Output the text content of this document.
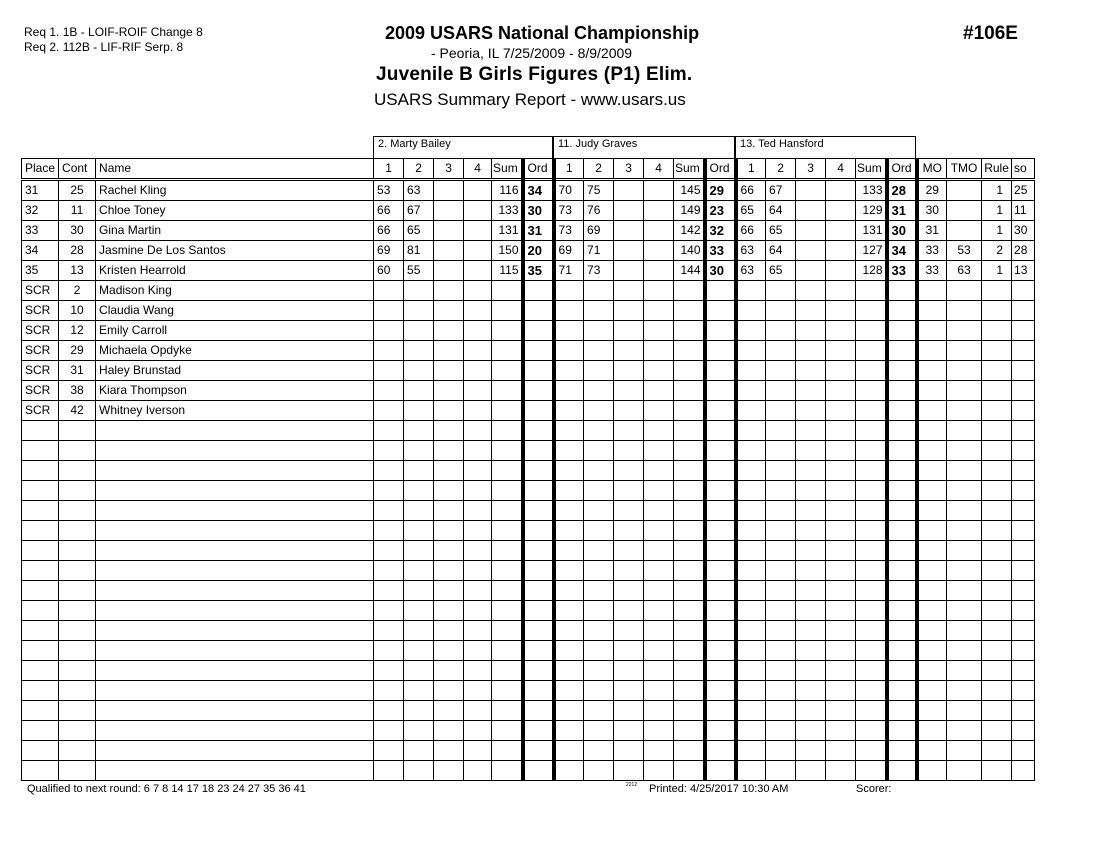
Req 1. 1B - LOIF-ROIF Change 8
Req 2. 112B - LIF-RIF Serp. 8
2009 USARS National Championship
- Peoria, IL 7/25/2009 - 8/9/2009
Juvenile B Girls Figures (P1) Elim.
USARS Summary Report - www.usars.us
#106E
2. Marty Bailey	11. Judy Graves	13. Ted Hansford
Place	Cont	Name	1	2	3	4	Sum	Ord	1	2	3	4	Sum	Ord	1	2	3	4	Sum	Ord	MO	TMO	Rule	so
31	25	Rachel Kling	53	63			116	34	70	75			145	29	66	67			133	28	29		1	25
32	11	Chloe Toney	66	67			133	30	73	76			149	23	65	64			129	31	30		1	11
33	30	Gina Martin	66	65			131	31	73	69			142	32	66	65			131	30	31		1	30
34	28	Jasmine De Los Santos	69	81			150	20	69	71			140	33	63	64			127	34	33	53	2	28
35	13	Kristen Hearrold	60	55			115	35	71	73			144	30	63	65			128	33	33	63	1	13
SCR	2	Madison King																						
SCR	10	Claudia Wang																						
SCR	12	Emily Carroll																						
SCR	29	Michaela Opdyke																						
SCR	31	Haley Brunstad																						
SCR	38	Kiara Thompson																						
SCR	42	Whitney Iverson																						

Qualified to next round: 6 7 8 14 17 18 23 24 27 35 36 41	2212 Printed: 4/25/2017 10:30 AM	Scorer:
